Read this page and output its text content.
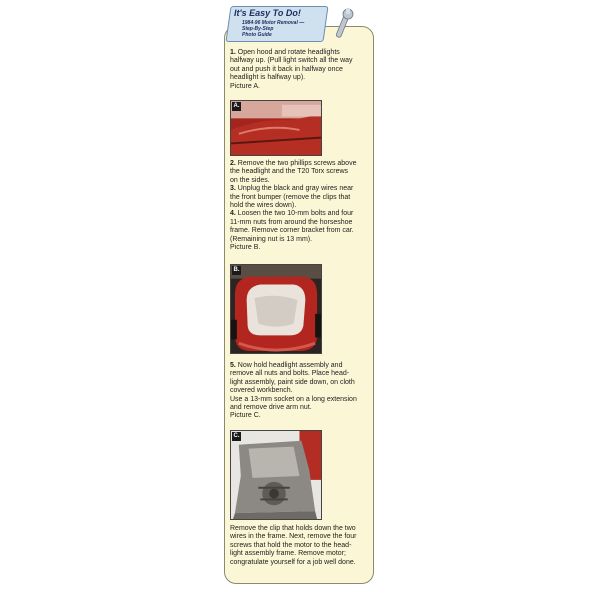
It's Easy To Do!
1984-96 Motor Removal —
Step-By-Step
Photo Guide
1. Open hood and rotate headlights
halfway up. (Pull light switch all the way
out and push it back in halfway once
headlight is halfway up).
Picture A.
A.
2. Remove the two phillips screws above
the headlight and the T20 Torx screws
on the sides.
3. Unplug the black and gray wires near
the front bumper (remove the clips that
hold the wires down).
4. Loosen the two 10-mm bolts and four
11-mm nuts from around the horseshoe
frame. Remove corner bracket from car.
(Remaining nut is 13 mm).
Picture B.
B.
5. Now hold headlight assembly and
remove all nuts and bolts. Place head-
light assembly, paint side down, on cloth
covered workbench.
Use a 13-mm socket on a long extension
and remove drive arm nut.
Picture C.
C.
Remove the clip that holds down the two
wires in the frame. Next, remove the four
screws that hold the motor to the head-
light assembly frame. Remove motor;
congratulate yourself for a job well done.
